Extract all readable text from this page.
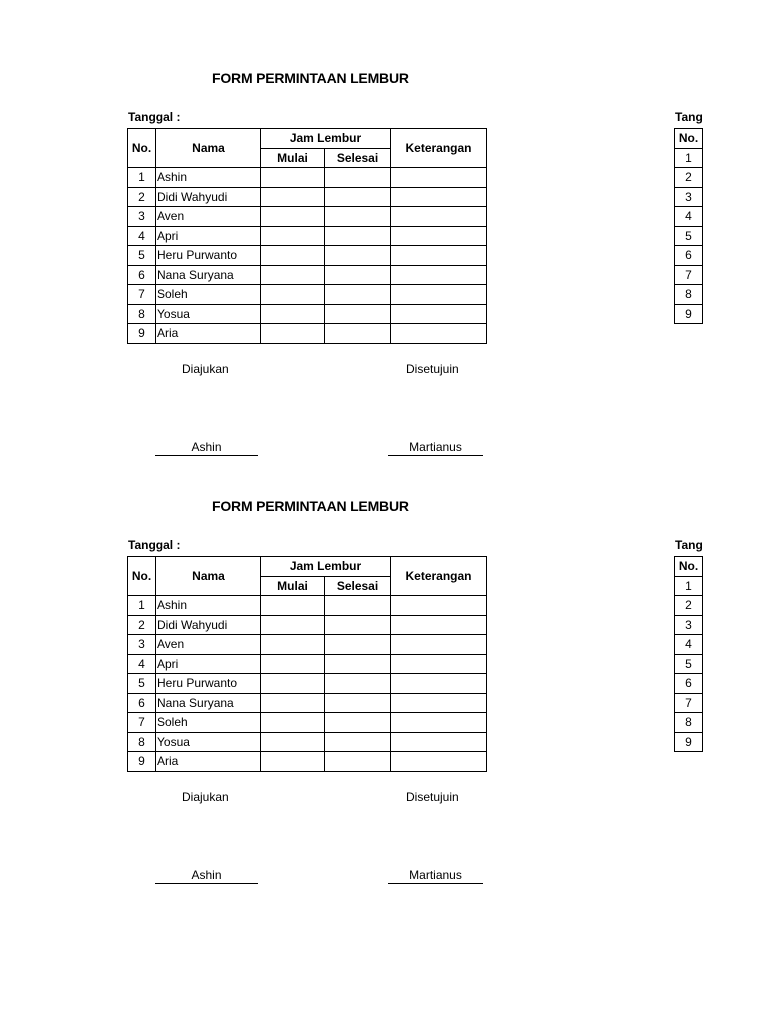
FORM PERMINTAAN LEMBUR
Tanggal :	Tang
No.	Nama	Jam Lembur		Keterangan
		Mulai	Selesai	
1	Ashin			
2	Didi Wahyudi			
3	Aven			
4	Apri			
5	Heru Purwanto			
6	Nana Suryana			
7	Soleh			
8	Yosua			
9	Aria			
No.
1
2
3
4
5
6
7
8
9
Diajukan	Disetujuin
Ashin	Martianus
FORM PERMINTAAN LEMBUR
Tanggal :	Tang
No.	Nama	Jam Lembur		Keterangan
		Mulai	Selesai	
1	Ashin			
2	Didi Wahyudi			
3	Aven			
4	Apri			
5	Heru Purwanto			
6	Nana Suryana			
7	Soleh			
8	Yosua			
9	Aria			
No.
1
2
3
4
5
6
7
8
9
Diajukan	Disetujuin
Ashin	Martianus
